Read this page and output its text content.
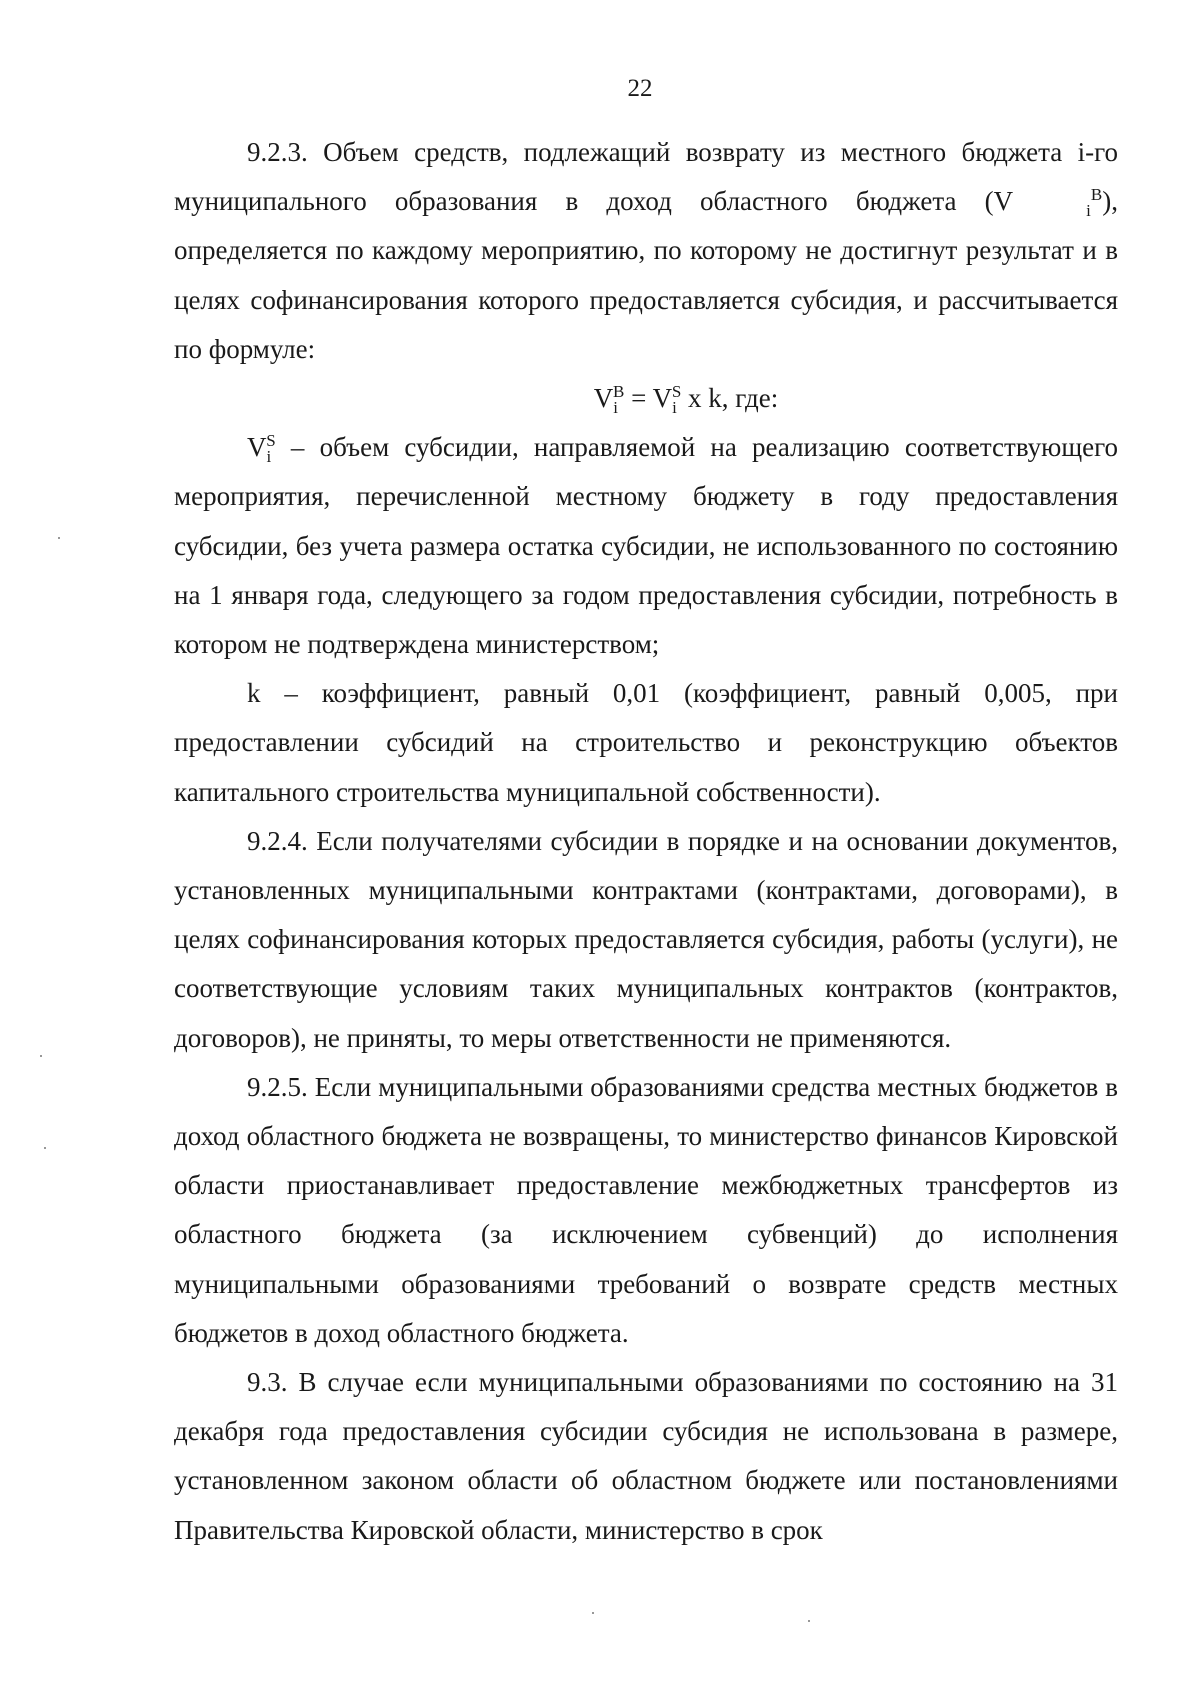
22

9.2.3. Объем средств, подлежащий возврату из местного бюджета i-го муниципального образования в доход областного бюджета (V	$_i^B$), определяется по каждому мероприятию, по которому не достигнут результат и в целях софинансирования которого предоставляется субсидия, и рассчитывается по формуле:

$V_i^B = V_i^S$ x k, где:

$V_i^S$ – объем субсидии, направляемой на реализацию соответствующего мероприятия, перечисленной местному бюджету в году предоставления субсидии, без учета размера остатка субсидии, не использованного по состоянию на 1 января года, следующего за годом предоставления субсидии, потребность в котором не подтверждена министерством;

k – коэффициент, равный 0,01 (коэффициент, равный 0,005, при предоставлении субсидий на строительство и реконструкцию объектов капитального строительства муниципальной собственности).

9.2.4. Если получателями субсидии в порядке и на основании документов, установленных муниципальными контрактами (контрактами, договорами), в целях софинансирования которых предоставляется субсидия, работы (услуги), не соответствующие условиям таких муниципальных контрактов (контрактов, договоров), не приняты, то меры ответственности не применяются.

9.2.5. Если муниципальными образованиями средства местных бюджетов в доход областного бюджета не возвращены, то министерство финансов Кировской области приостанавливает предоставление межбюджетных трансфертов из областного бюджета (за исключением субвенций) до исполнения муниципальными образованиями требований о возврате средств местных бюджетов в доход областного бюджета.

9.3. В случае если муниципальными образованиями по состоянию на 31 декабря года предоставления субсидии субсидия не использована в размере, установленном законом области об областном бюджете или постановлениями Правительства Кировской области, министерство в срок
